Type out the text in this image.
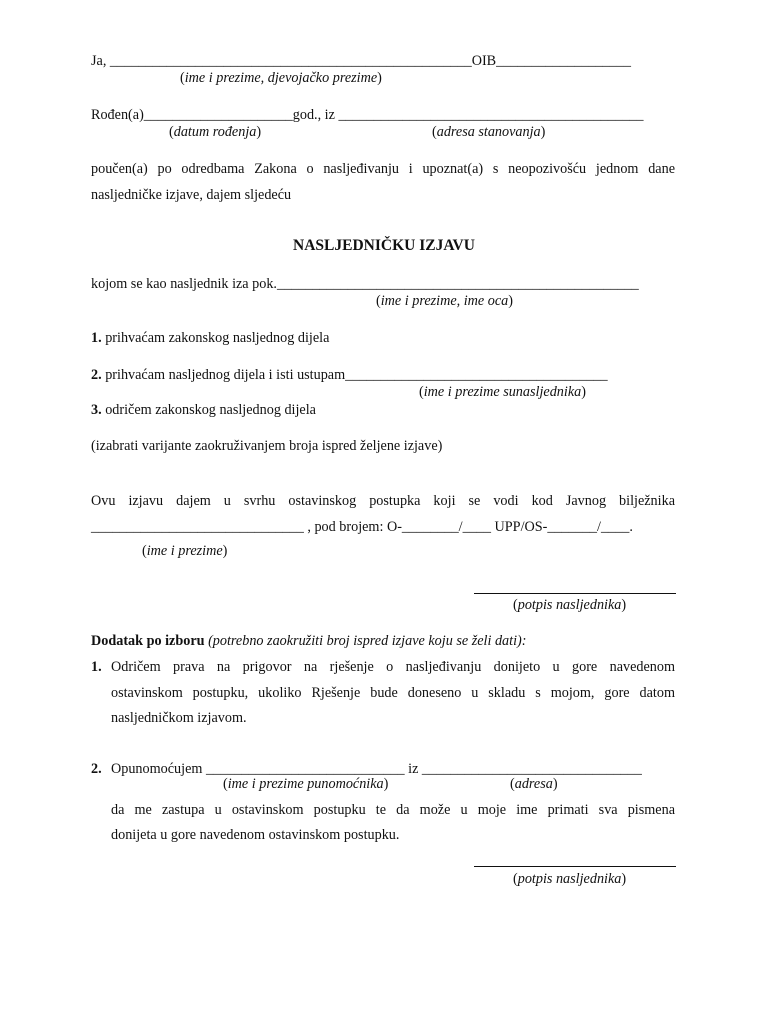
Ja, ___________________________________________________OIB___________________
(ime i prezime, djevojačko prezime)
Rođen(a)_____________________god., iz ___________________________________________
(datum rođenja)	(adresa stanovanja)
poučen(a) po odredbama Zakona o nasljeđivanju i upoznat(a) s neopozivošću jednom dane
nasljedničke izjave, dajem sljedeću
NASLJEDNIČKU IZJAVU
kojom se kao nasljednik iza pok.___________________________________________________
(ime i prezime, ime oca)
1. prihvaćam zakonskog nasljednog dijela
2. prihvaćam nasljednog dijela i isti ustupam_____________________________________
(ime i prezime sunasljednika)
3. odričem zakonskog nasljednog dijela
(izabrati varijante zaokruživanjem broja ispred željene izjave)
Ovu izjavu dajem u svrhu ostavinskog postupka koji se vodi kod Javnog bilježnika
______________________________ , pod brojem: O-________/____ UPP/OS-_______/____.
(ime i prezime)
(potpis nasljednika)
Dodatak po izboru (potrebno zaokružiti broj ispred izjave koju se želi dati):
1. Odričem prava na prigovor na rješenje o nasljeđivanju donijeto u gore navedenom
ostavinskom postupku, ukoliko Rješenje bude doneseno u skladu s mojom, gore datom
nasljedničkom izjavom.
2. Opunomoćujem ____________________________ iz _______________________________
(ime i prezime punomoćnika)	(adresa)
da me zastupa u ostavinskom postupku te da može u moje ime primati sva pismena
donijeta u gore navedenom ostavinskom postupku.
(potpis nasljednika)
